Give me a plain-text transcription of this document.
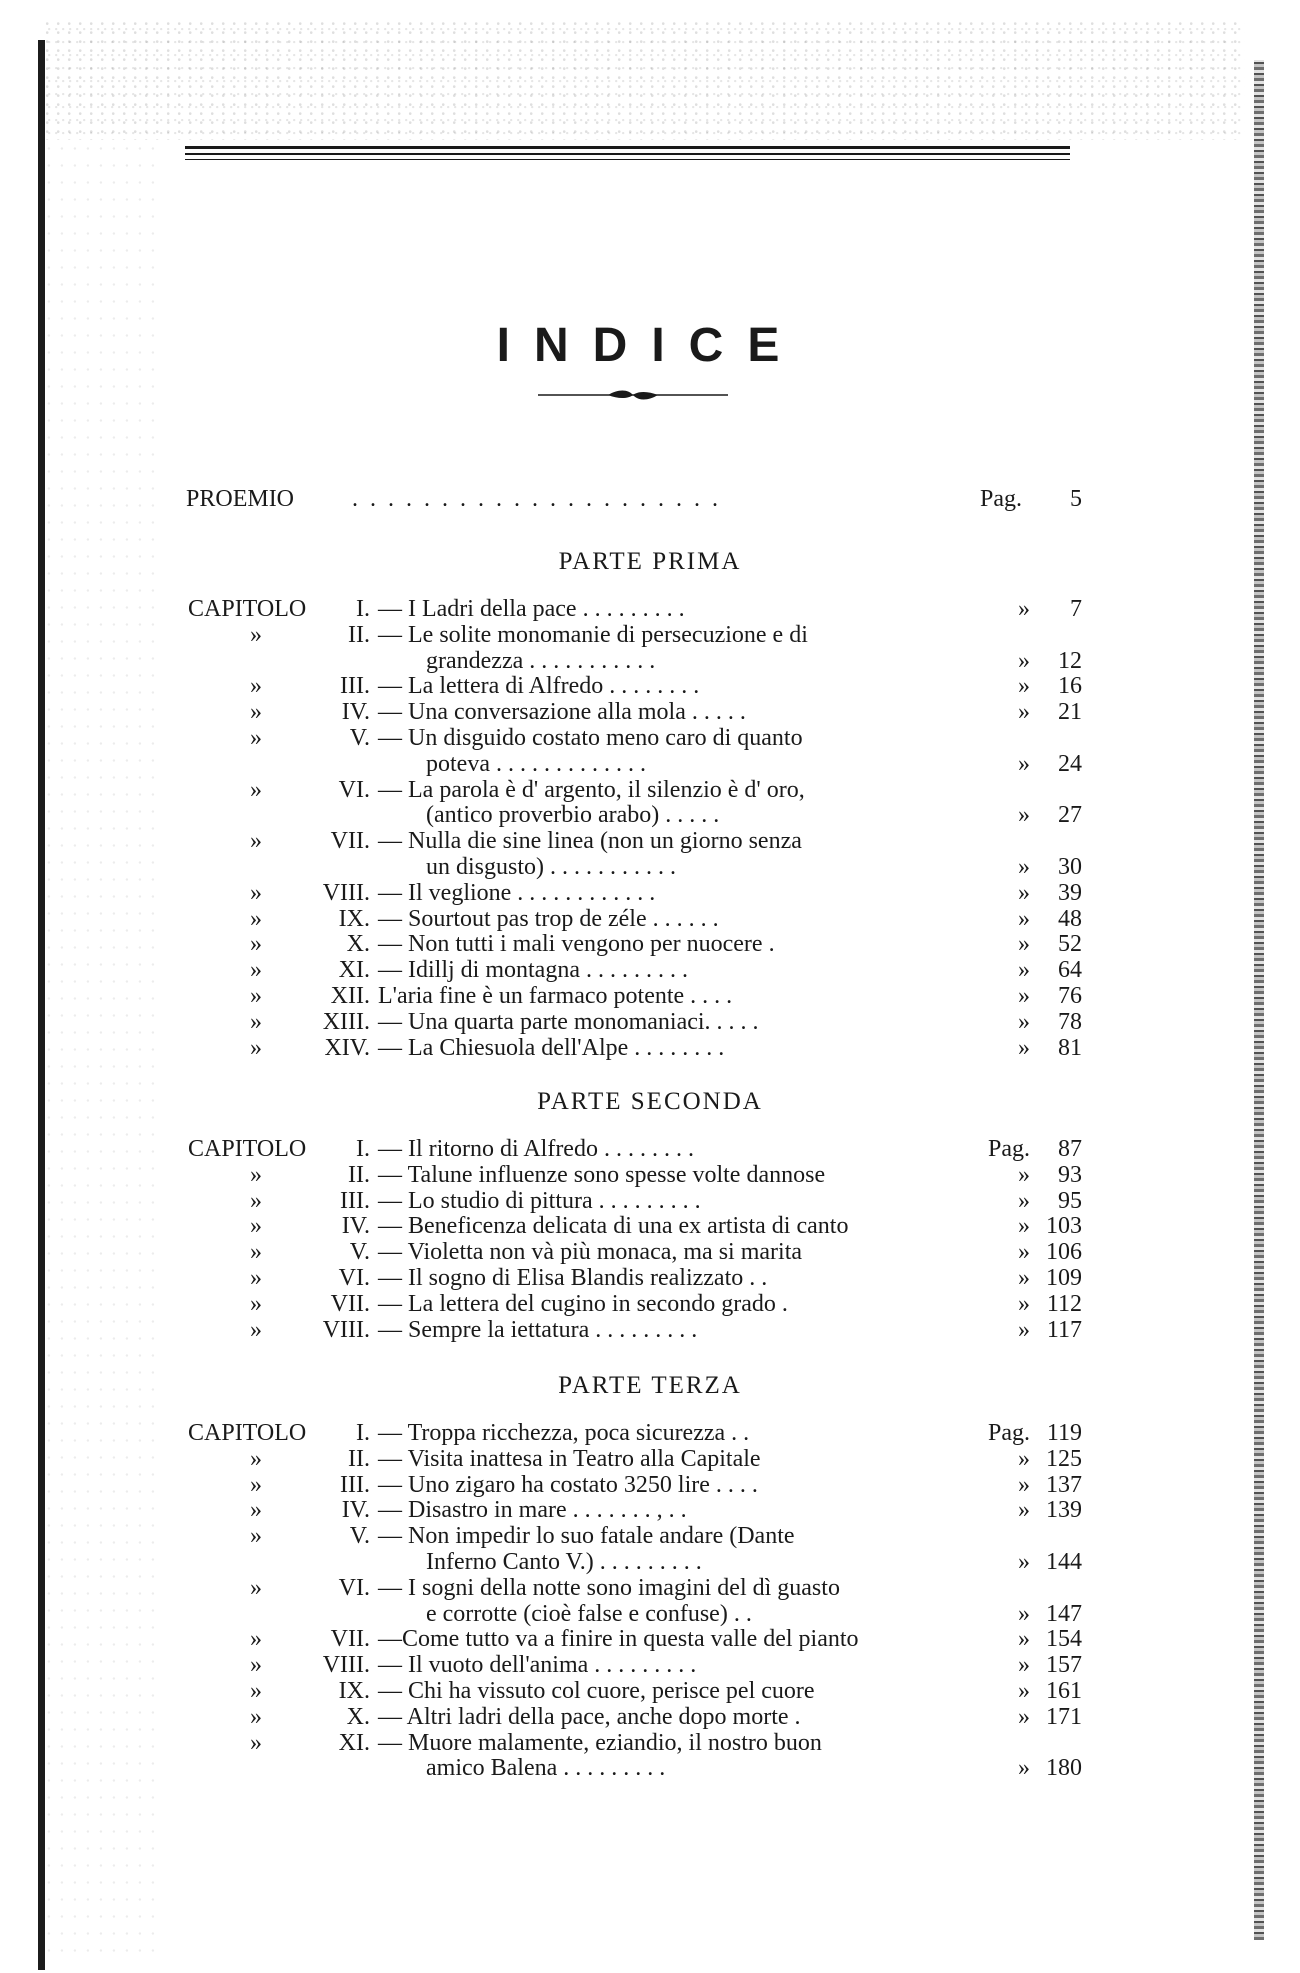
INDICE
PROEMIO . . . . . . . . . . . . . . . . . . . . .	Pag.	5
PARTE PRIMA
CAPITOLO	I. — I Ladri della pace . . . . . . . . .	»	7
»	II. — Le solite monomanie di persecuzione e di
grandezza . . . . . . . . . . .	»	12
»	III. — La lettera di Alfredo . . . . . . . .	»	16
»	IV. — Una conversazione alla mola . . . . .	»	21
»	V. — Un disguido costato meno caro di quanto
poteva . . . . . . . . . . . . .	»	24
»	VI. — La parola è d' argento, il silenzio è d' oro,
(antico proverbio arabo) . . . . .	»	27
»	VII. — Nulla die sine linea (non un giorno senza
un disgusto) . . . . . . . . . . .	»	30
»	VIII. — Il veglione . . . . . . . . . . . .	»	39
»	IX. — Sourtout pas trop de zéle . . . . . .	»	48
»	X. — Non tutti i mali vengono per nuocere .	»	52
»	XI. — Idillj di montagna . . . . . . . . .	»	64
»	XII. L'aria fine è un farmaco potente . . . .	»	76
»	XIII. — Una quarta parte monomaniaci. . . . .	»	78
»	XIV. — La Chiesuola dell'Alpe . . . . . . . .	»	81
PARTE SECONDA
CAPITOLO	I. — Il ritorno di Alfredo . . . . . . . .	Pag.	87
»	II. — Talune influenze sono spesse volte dannose	»	93
»	III. — Lo studio di pittura . . . . . . . . .	»	95
»	IV. — Beneficenza delicata di una ex artista di canto	» 103
»	V. — Violetta non và più monaca, ma si marita	» 106
»	VI. — Il sogno di Elisa Blandis realizzato . .	» 109
»	VII. — La lettera del cugino in secondo grado .	» 112
»	VIII. — Sempre la iettatura . . . . . . . . .	» 117
PARTE TERZA
CAPITOLO	I. — Troppa ricchezza, poca sicurezza . .	Pag. 119
»	II. — Visita inattesa in Teatro alla Capitale	» 125
»	III. — Uno zigaro ha costato 3250 lire . . . .	» 137
»	IV. — Disastro in mare . . . . . . . , . .	» 139
»	V. — Non impedir lo suo fatale andare (Dante
Inferno Canto V.) . . . . . . . . .	» 144
»	VI. — I sogni della notte sono imagini del dì guasto
e corrotte (cioè false e confuse) . .	» 147
»	VII. —Come tutto va a finire in questa valle del pianto	» 154
»	VIII. — Il vuoto dell'anima . . . . . . . . .	» 157
»	IX. — Chi ha vissuto col cuore, perisce pel cuore	» 161
»	X. — Altri ladri della pace, anche dopo morte .	» 171
»	XI. — Muore malamente, eziandio, il nostro buon
amico Balena . . . . . . . . .	» 180
